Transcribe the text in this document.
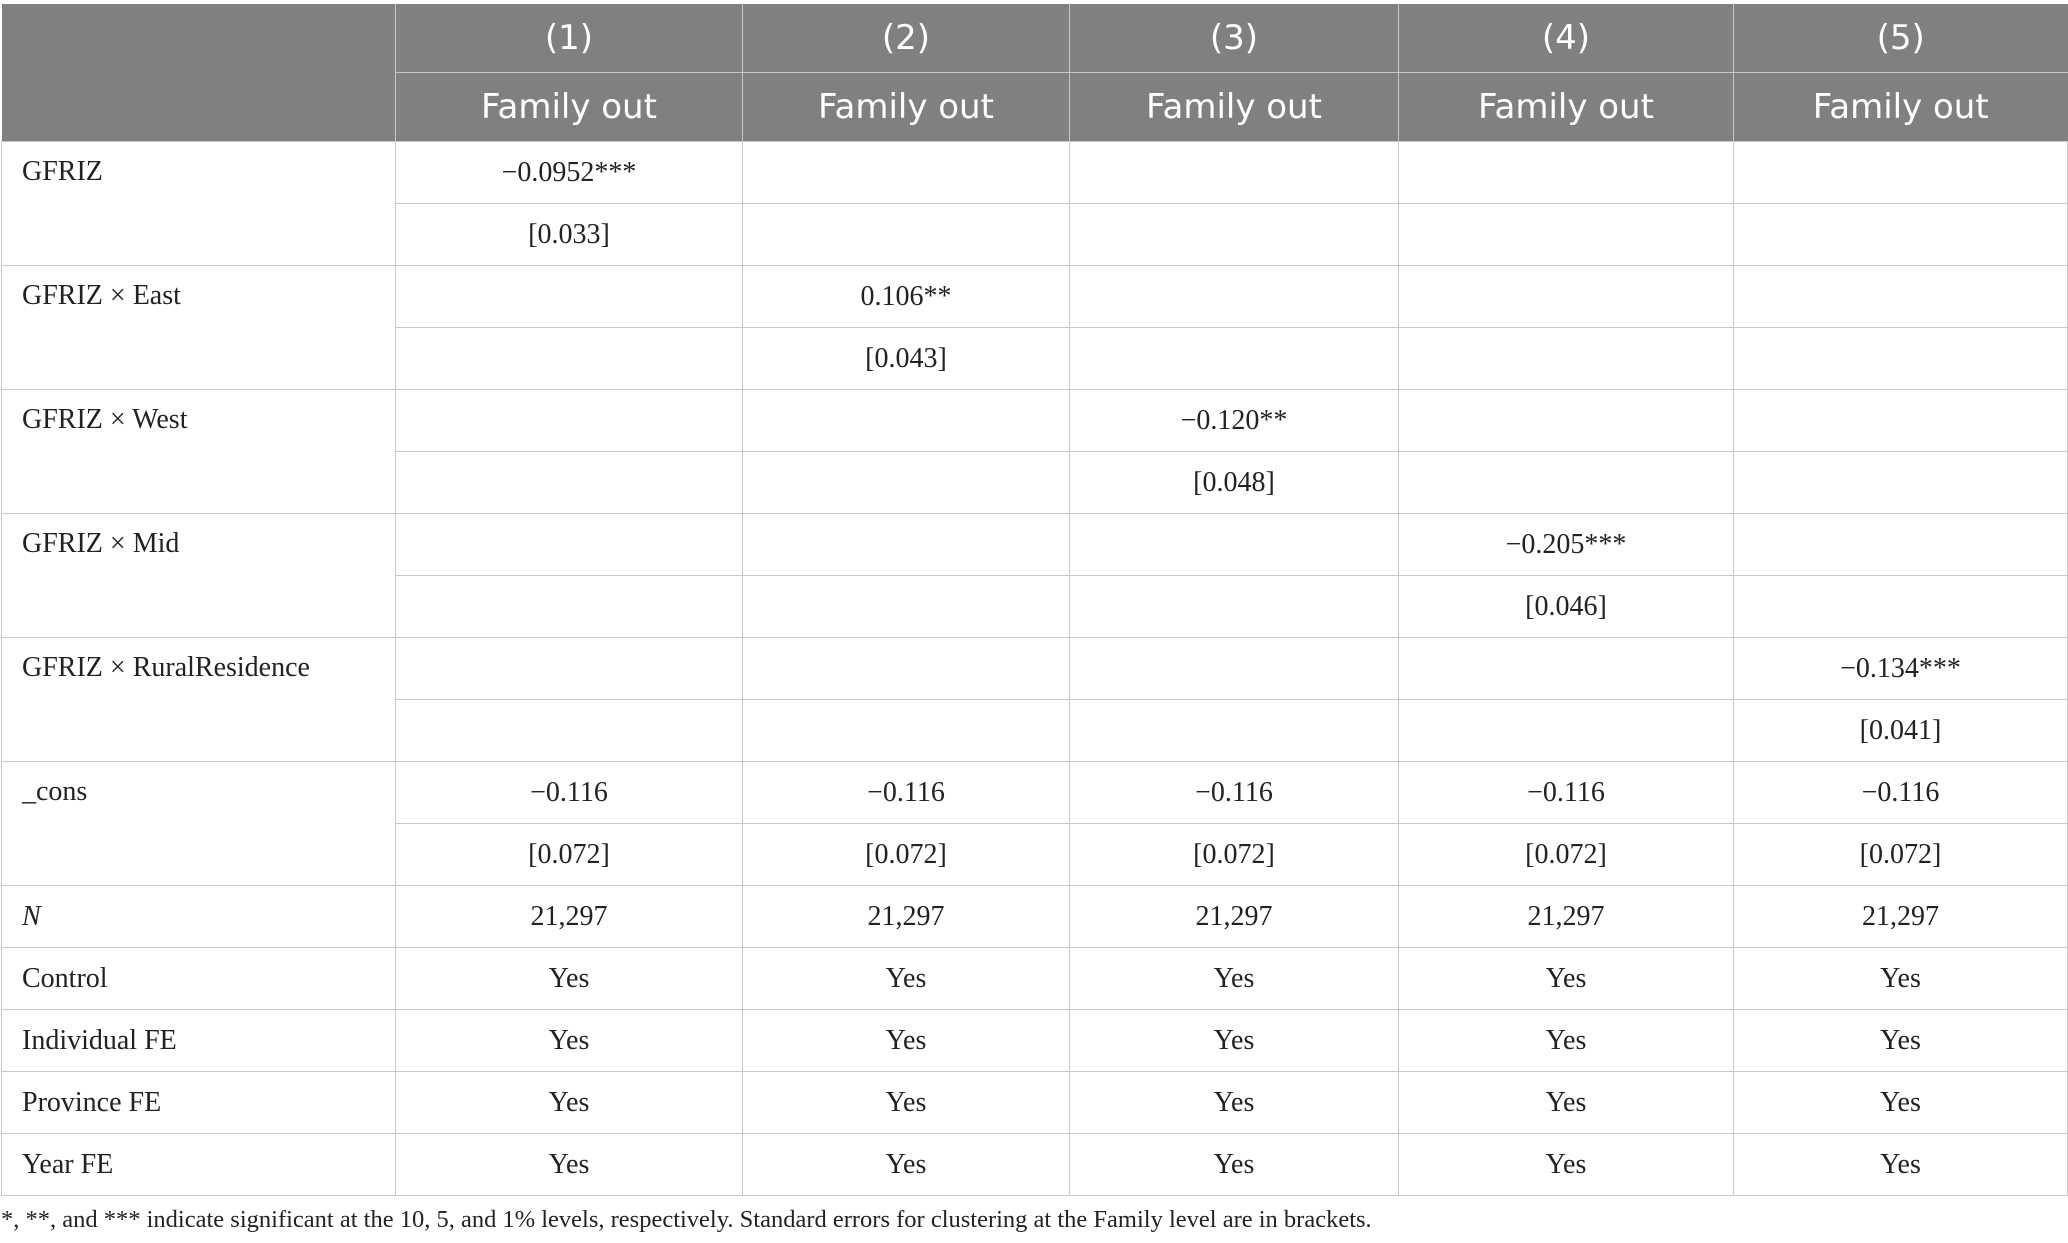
	(1)	(2)	(3)	(4)	(5)
	Family out	Family out	Family out	Family out	Family out
GFRIZ	−0.0952***				
	[0.033]				
GFRIZ × East		0.106**			
		[0.043]			
GFRIZ × West			−0.120**		
			[0.048]		
GFRIZ × Mid				−0.205***	
				[0.046]	
GFRIZ × RuralResidence					−0.134***
					[0.041]
_cons	−0.116	−0.116	−0.116	−0.116	−0.116
	[0.072]	[0.072]	[0.072]	[0.072]	[0.072]
N	21,297	21,297	21,297	21,297	21,297
Control	Yes	Yes	Yes	Yes	Yes
Individual FE	Yes	Yes	Yes	Yes	Yes
Province FE	Yes	Yes	Yes	Yes	Yes
Year FE	Yes	Yes	Yes	Yes	Yes
*, **, and *** indicate significant at the 10, 5, and 1% levels, respectively. Standard errors for clustering at the Family level are in brackets.
